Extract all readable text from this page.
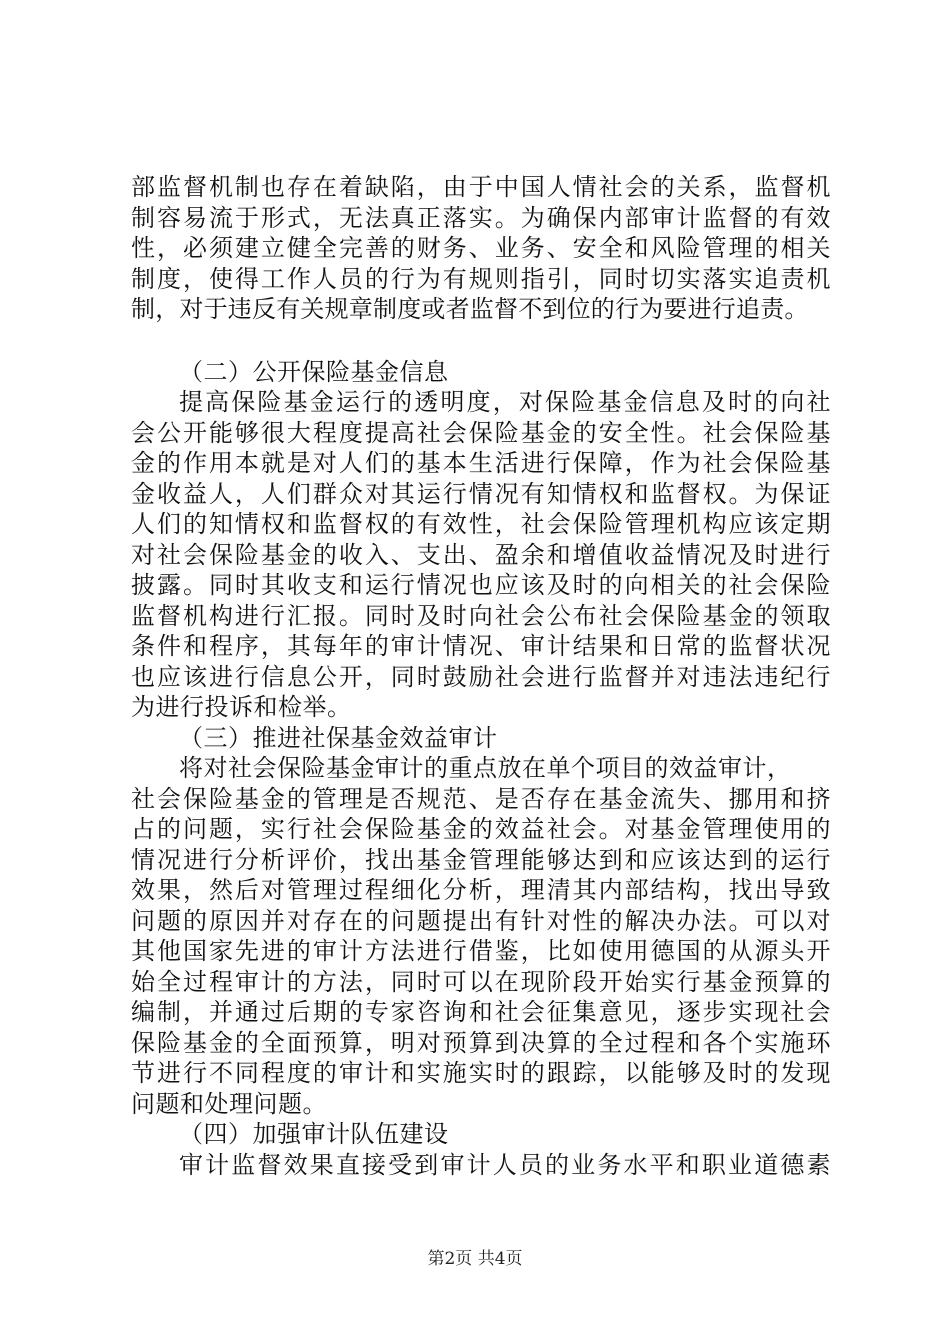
部监督机制也存在着缺陷，由于中国人情社会的关系，监督机
制容易流于形式，无法真正落实。为确保内部审计监督的有效
性，必须建立健全完善的财务、业务、安全和风险管理的相关
制度，使得工作人员的行为有规则指引，同时切实落实追责机
制，对于违反有关规章制度或者监督不到位的行为要进行追责。
（二）公开保险基金信息
提高保险基金运行的透明度，对保险基金信息及时的向社
会公开能够很大程度提高社会保险基金的安全性。社会保险基
金的作用本就是对人们的基本生活进行保障，作为社会保险基
金收益人，人们群众对其运行情况有知情权和监督权。为保证
人们的知情权和监督权的有效性，社会保险管理机构应该定期
对社会保险基金的收入、支出、盈余和增值收益情况及时进行
披露。同时其收支和运行情况也应该及时的向相关的社会保险
监督机构进行汇报。同时及时向社会公布社会保险基金的领取
条件和程序，其每年的审计情况、审计结果和日常的监督状况
也应该进行信息公开，同时鼓励社会进行监督并对违法违纪行
为进行投诉和检举。
（三）推进社保基金效益审计
将对社会保险基金审计的重点放在单个项目的效益审计，
社会保险基金的管理是否规范、是否存在基金流失、挪用和挤
占的问题，实行社会保险基金的效益社会。对基金管理使用的
情况进行分析评价，找出基金管理能够达到和应该达到的运行
效果，然后对管理过程细化分析，理清其内部结构，找出导致
问题的原因并对存在的问题提出有针对性的解决办法。可以对
其他国家先进的审计方法进行借鉴，比如使用德国的从源头开
始全过程审计的方法，同时可以在现阶段开始实行基金预算的
编制，并通过后期的专家咨询和社会征集意见，逐步实现社会
保险基金的全面预算，明对预算到决算的全过程和各个实施环
节进行不同程度的审计和实施实时的跟踪，以能够及时的发现
问题和处理问题。
（四）加强审计队伍建设
审计监督效果直接受到审计人员的业务水平和职业道德素
第2页 共4页
